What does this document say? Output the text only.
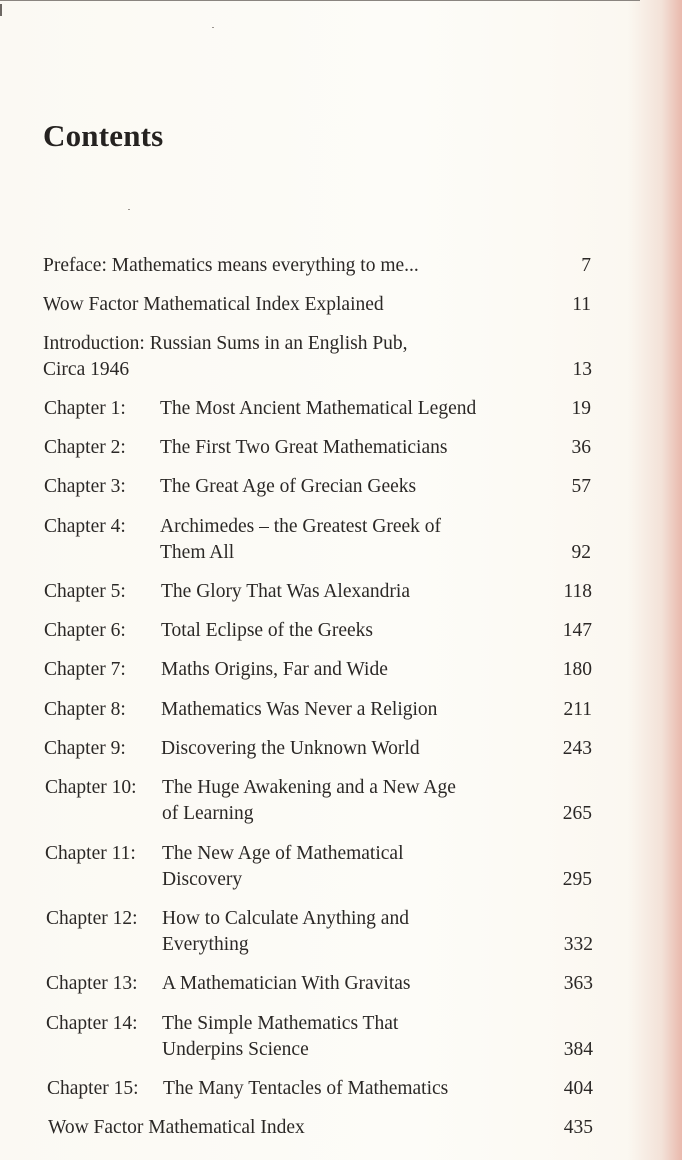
Contents
Preface: Mathematics means everything to me...	7
Wow Factor Mathematical Index Explained	11
Introduction: Russian Sums in an English Pub,
Circa 1946	13
Chapter 1: The Most Ancient Mathematical Legend	19
Chapter 2: The First Two Great Mathematicians	36
Chapter 3: The Great Age of Grecian Geeks	57
Chapter 4: Archimedes – the Greatest Greek of
Them All	92
Chapter 5: The Glory That Was Alexandria	118
Chapter 6: Total Eclipse of the Greeks	147
Chapter 7: Maths Origins, Far and Wide	180
Chapter 8: Mathematics Was Never a Religion	211
Chapter 9: Discovering the Unknown World	243
Chapter 10: The Huge Awakening and a New Age
of Learning	265
Chapter 11: The New Age of Mathematical
Discovery	295
Chapter 12: How to Calculate Anything and
Everything	332
Chapter 13: A Mathematician With Gravitas	363
Chapter 14: The Simple Mathematics That
Underpins Science	384
Chapter 15: The Many Tentacles of Mathematics	404
Wow Factor Mathematical Index	435
